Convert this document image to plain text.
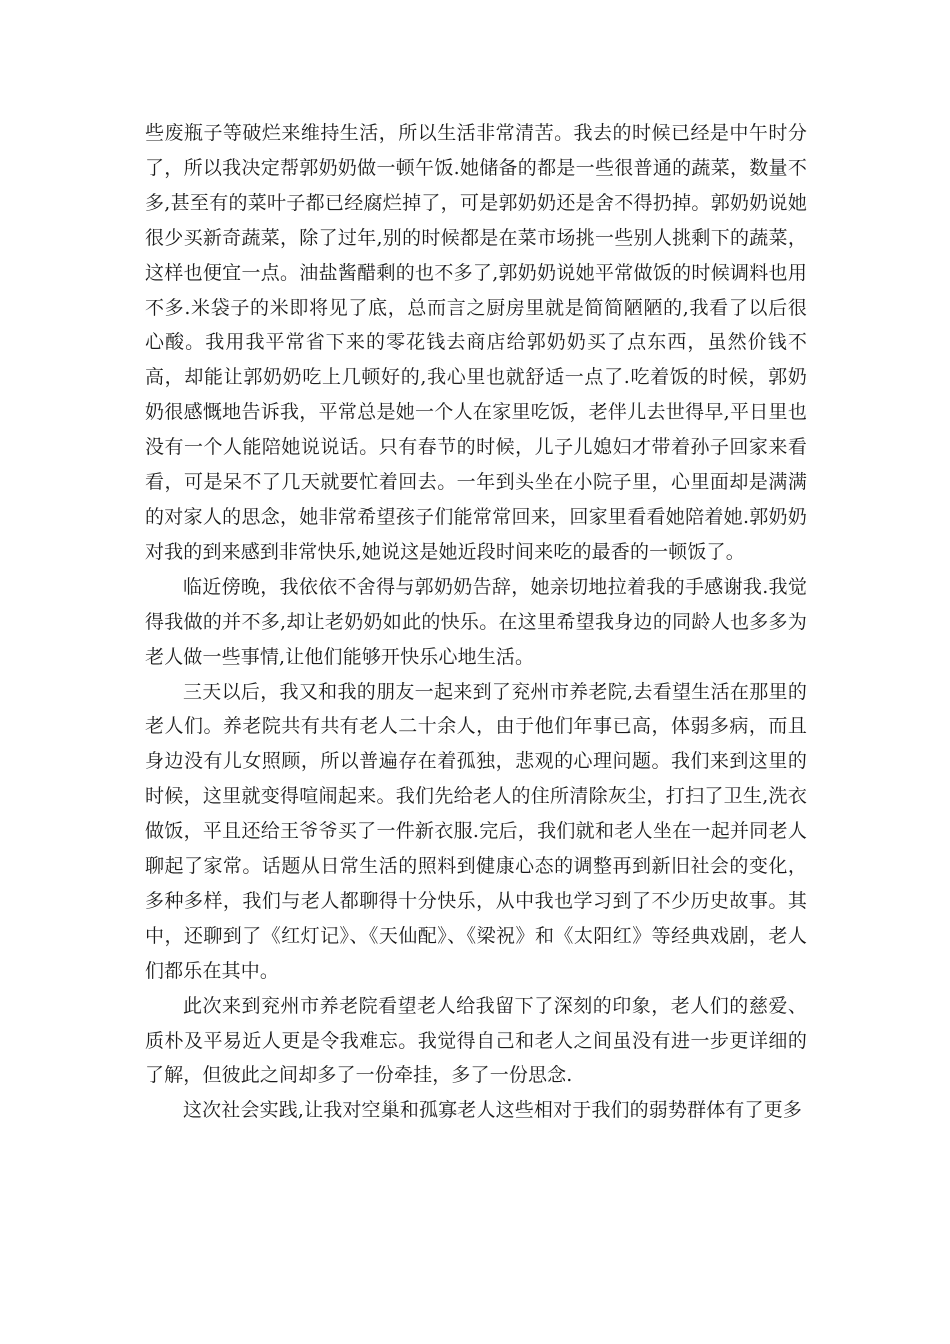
些废瓶子等破烂来维持生活，所以生活非常清苦。我去的时候已经是中午时分了，所以我决定帮郭奶奶做一顿午饭.她储备的都是一些很普通的蔬菜，数量不多,甚至有的菜叶子都已经腐烂掉了，可是郭奶奶还是舍不得扔掉。郭奶奶说她很少买新奇蔬菜，除了过年,别的时候都是在菜市场挑一些别人挑剩下的蔬菜，这样也便宜一点。油盐酱醋剩的也不多了,郭奶奶说她平常做饭的时候调料也用不多.米袋子的米即将见了底，总而言之厨房里就是简简陋陋的,我看了以后很心酸。我用我平常省下来的零花钱去商店给郭奶奶买了点东西，虽然价钱不高，却能让郭奶奶吃上几顿好的,我心里也就舒适一点了.吃着饭的时候，郭奶奶很感慨地告诉我，平常总是她一个人在家里吃饭，老伴儿去世得早,平日里也没有一个人能陪她说说话。只有春节的时候，儿子儿媳妇才带着孙子回家来看看，可是呆不了几天就要忙着回去。一年到头坐在小院子里，心里面却是满满的对家人的思念，她非常希望孩子们能常常回来，回家里看看她陪着她.郭奶奶对我的到来感到非常快乐,她说这是她近段时间来吃的最香的一顿饭了。

临近傍晚，我依依不舍得与郭奶奶告辞，她亲切地拉着我的手感谢我.我觉得我做的并不多,却让老奶奶如此的快乐。在这里希望我身边的同龄人也多多为老人做一些事情,让他们能够开快乐心地生活。

三天以后，我又和我的朋友一起来到了兖州市养老院,去看望生活在那里的老人们。养老院共有共有老人二十余人，由于他们年事已高，体弱多病，而且身边没有儿女照顾，所以普遍存在着孤独，悲观的心理问题。我们来到这里的时候，这里就变得喧闹起来。我们先给老人的住所清除灰尘，打扫了卫生,洗衣做饭，平且还给王爷爷买了一件新衣服.完后，我们就和老人坐在一起并同老人聊起了家常。话题从日常生活的照料到健康心态的调整再到新旧社会的变化，多种多样，我们与老人都聊得十分快乐，从中我也学习到了不少历史故事。其中，还聊到了《红灯记》、《天仙配》、《梁祝》和《太阳红》等经典戏剧，老人们都乐在其中。

此次来到兖州市养老院看望老人给我留下了深刻的印象，老人们的慈爱、质朴及平易近人更是令我难忘。我觉得自己和老人之间虽没有进一步更详细的了解，但彼此之间却多了一份牵挂，多了一份思念.

这次社会实践,让我对空巢和孤寡老人这些相对于我们的弱势群体有了更多
